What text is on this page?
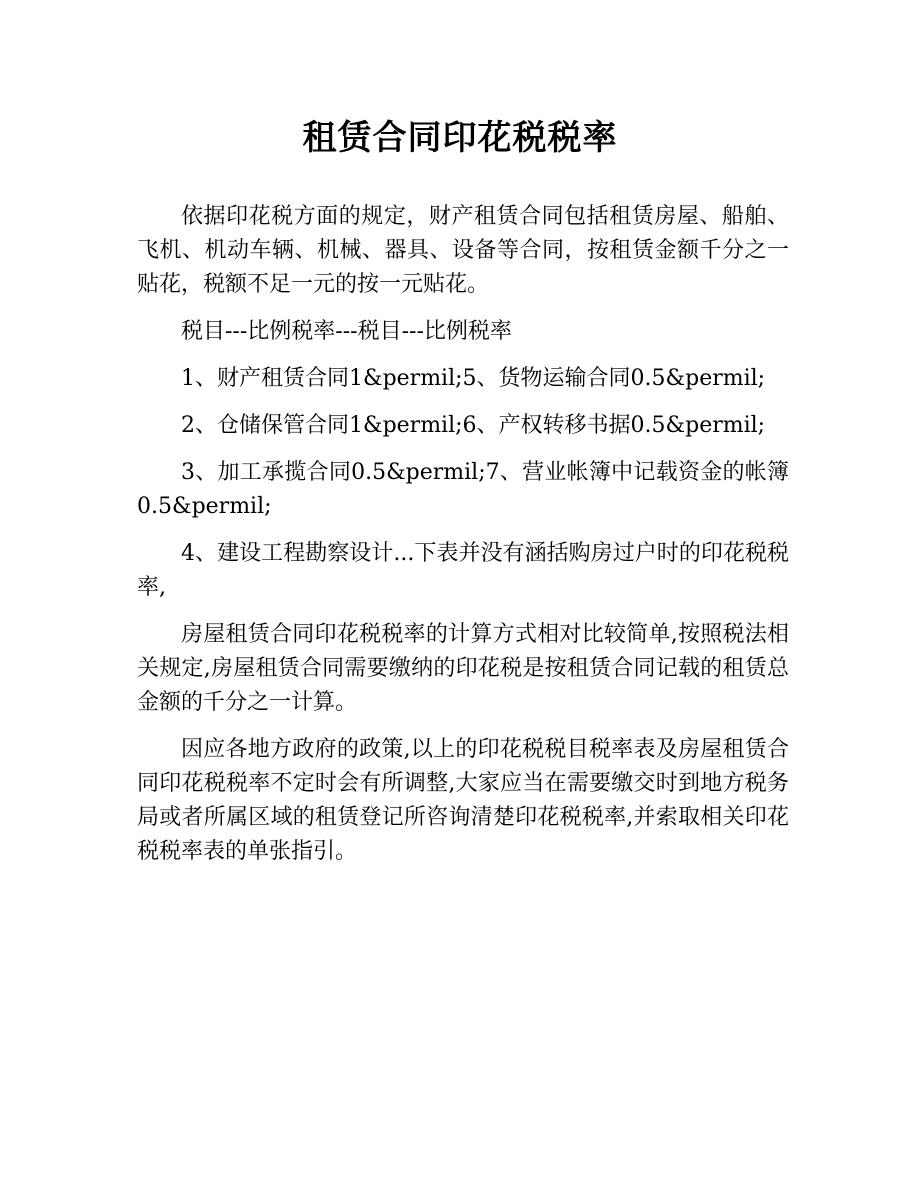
租赁合同印花税税率

依据印花税方面的规定，财产租赁合同包括租赁房屋、船舶、飞机、机动车辆、机械、器具、设备等合同，按租赁金额千分之一贴花，税额不足一元的按一元贴花。

税目---比例税率---税目---比例税率

1、财产租赁合同1&permil;5、货物运输合同0.5&permil;

2、仓储保管合同1&permil;6、产权转移书据0.5&permil;

3、加工承揽合同0.5&permil;7、营业帐簿中记载资金的帐簿0.5&permil;

4、建设工程勘察设计...下表并没有涵括购房过户时的印花税税率,

房屋租赁合同印花税税率的计算方式相对比较简单,按照税法相关规定,房屋租赁合同需要缴纳的印花税是按租赁合同记载的租赁总金额的千分之一计算。

因应各地方政府的政策,以上的印花税税目税率表及房屋租赁合同印花税税率不定时会有所调整,大家应当在需要缴交时到地方税务局或者所属区域的租赁登记所咨询清楚印花税税率,并索取相关印花税税率表的单张指引。
